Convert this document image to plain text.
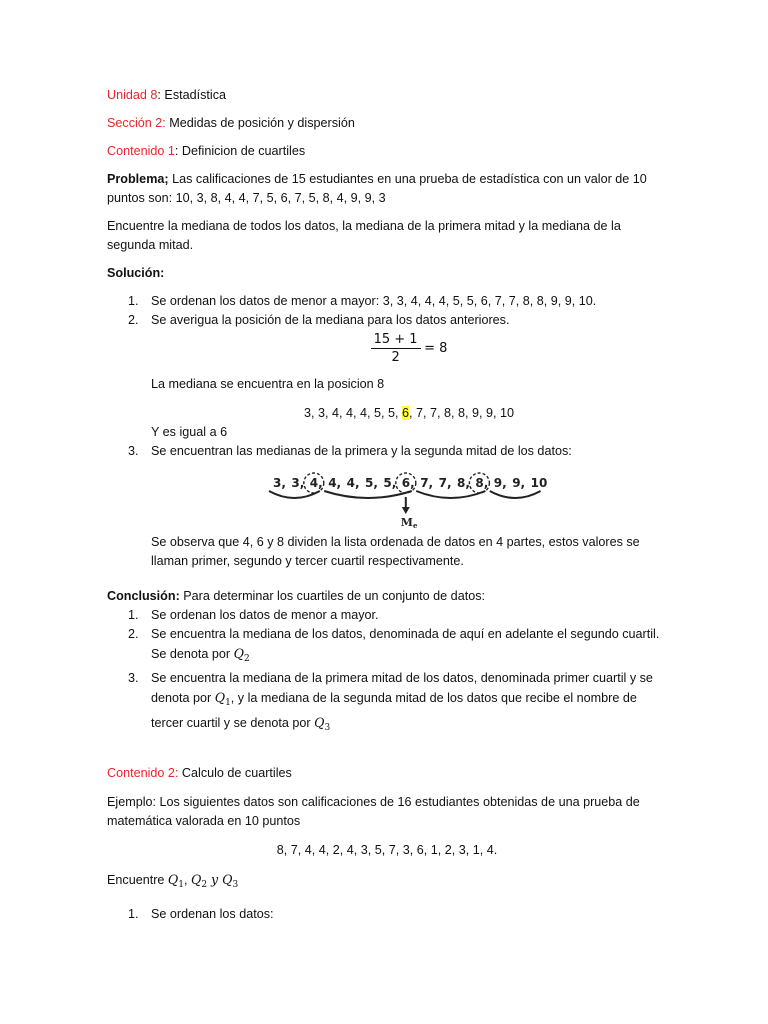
Unidad 8: Estadística

Sección 2: Medidas de posición y dispersión

Contenido 1: Definicion de cuartiles

Problema; Las calificaciones de 15 estudiantes en una prueba de estadística con un valor de 10
puntos son: 10, 3, 8, 4, 4, 7, 5, 6, 7, 5, 8, 4, 9, 9, 3

Encuentre la mediana de todos los datos, la mediana de la primera mitad y la mediana de la
segunda mitad.

Solución:

1. Se ordenan los datos de menor a mayor: 3, 3, 4, 4, 4, 5, 5, 6, 7, 7, 8, 8, 9, 9, 10.
2. Se averigua la posición de la mediana para los datos anteriores.
$\frac{15 + 1}{2} = 8$

La mediana se encuentra en la posicion 8

3, 3, 4, 4, 4, 5, 5, 6, 7, 7, 8, 8, 9, 9, 10

Y es igual a 6

3. Se encuentran las medianas de la primera y la segunda mitad de los datos:
3, 3, 4, 4, 4, 5, 5, 6, 7, 7, 8, 8, 9, 9, 10
Me

Se observa que 4, 6 y 8 dividen la lista ordenada de datos en 4 partes, estos valores se
llaman primer, segundo y tercer cuartil respectivamente.

Conclusión: Para determinar los cuartiles de un conjunto de datos:

1. Se ordenan los datos de menor a mayor.
2. Se encuentra la mediana de los datos, denominada de aquí en adelante el segundo cuartil.
Se denota por $Q_2$
3. Se encuentra la mediana de la primera mitad de los datos, denominada primer cuartil y se
denota por $Q_1$, y la mediana de la segunda mitad de los datos que recibe el nombre de
tercer cuartil y se denota por $Q_3$

Contenido 2: Calculo de cuartiles

Ejemplo: Los siguientes datos son calificaciones de 16 estudiantes obtenidas de una prueba de
matemática valorada en 10 puntos

8, 7, 4, 4, 2, 4, 3, 5, 7, 3, 6, 1, 2, 3, 1, 4.

Encuentre $Q_1$, $Q_2$ y $Q_3$

1. Se ordenan los datos:
